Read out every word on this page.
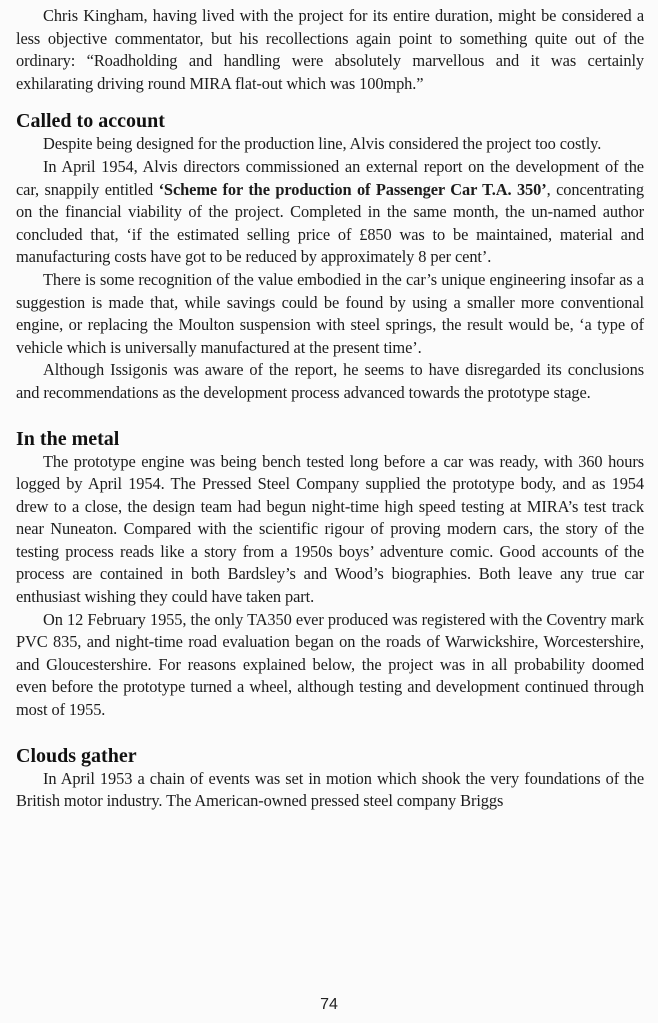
Chris Kingham, having lived with the project for its entire duration, might be considered a less objective commentator, but his recollections again point to something quite out of the ordinary: “Roadholding and handling were absolutely marvellous and it was certainly exhilarating driving round MIRA flat-out which was 100mph.”

Called to account

Despite being designed for the production line, Alvis considered the project too costly.

In April 1954, Alvis directors commissioned an external report on the development of the car, snappily entitled ‘Scheme for the production of Passenger Car T.A. 350’, concentrating on the financial viability of the project. Completed in the same month, the un-named author concluded that, ‘if the estimated selling price of £850 was to be maintained, material and manufacturing costs have got to be reduced by approximately 8 per cent’.

There is some recognition of the value embodied in the car’s unique engineering insofar as a suggestion is made that, while savings could be found by using a smaller more conventional engine, or replacing the Moulton suspension with steel springs, the result would be, ‘a type of vehicle which is universally manufactured at the present time’.

Although Issigonis was aware of the report, he seems to have disregarded its conclusions and recommendations as the development process advanced towards the prototype stage.

In the metal

The prototype engine was being bench tested long before a car was ready, with 360 hours logged by April 1954. The Pressed Steel Company supplied the prototype body, and as 1954 drew to a close, the design team had begun night-time high speed testing at MIRA’s test track near Nuneaton. Compared with the scientific rigour of proving modern cars, the story of the testing process reads like a story from a 1950s boys’ adventure comic. Good accounts of the process are contained in both Bardsley’s and Wood’s biographies. Both leave any true car enthusiast wishing they could have taken part.

On 12 February 1955, the only TA350 ever produced was registered with the Coventry mark PVC 835, and night-time road evaluation began on the roads of Warwickshire, Worcestershire, and Gloucestershire. For reasons explained below, the project was in all probability doomed even before the prototype turned a wheel, although testing and development continued through most of 1955.

Clouds gather

In April 1953 a chain of events was set in motion which shook the very foundations of the British motor industry. The American-owned pressed steel company Briggs

74
